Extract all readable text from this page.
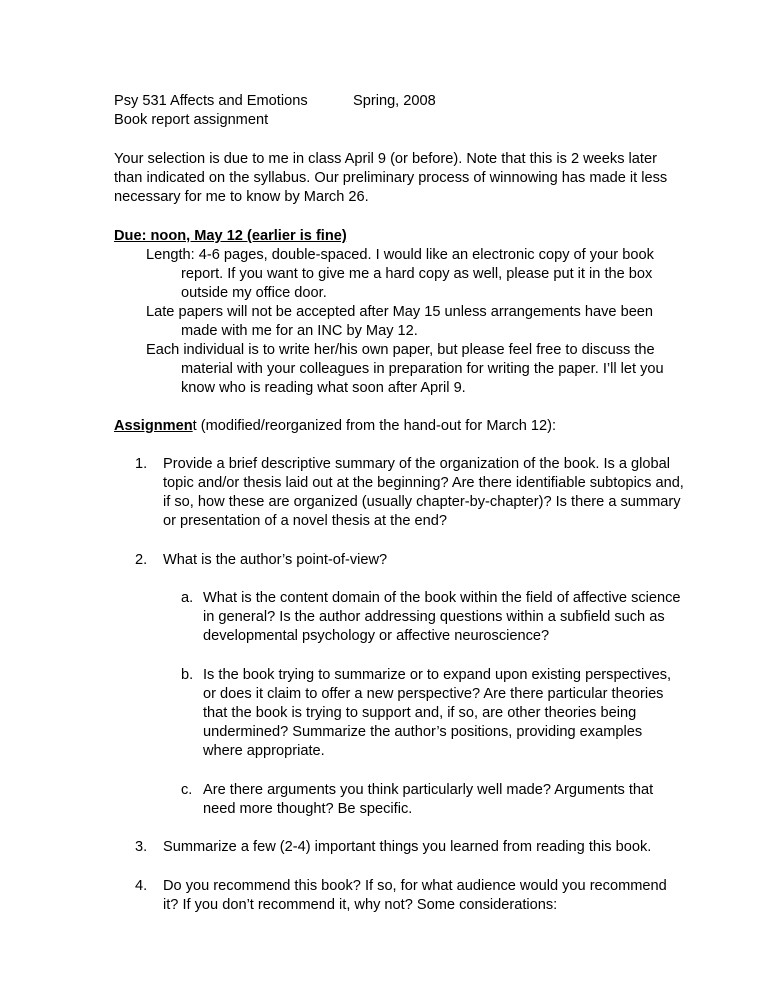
Psy 531 Affects and Emotions	Spring, 2008
Book report assignment
Your selection is due to me in class April 9 (or before). Note that this is 2 weeks later
than indicated on the syllabus. Our preliminary process of winnowing has made it less
necessary for me to know by March 26.
Due: noon, May 12 (earlier is fine)
Length: 4-6 pages, double-spaced. I would like an electronic copy of your book
report. If you want to give me a hard copy as well, please put it in the box
outside my office door.
Late papers will not be accepted after May 15 unless arrangements have been
made with me for an INC by May 12.
Each individual is to write her/his own paper, but please feel free to discuss the
material with your colleagues in preparation for writing the paper. I’ll let you
know who is reading what soon after April 9.
Assignment (modified/reorganized from the hand-out for March 12):
1. Provide a brief descriptive summary of the organization of the book. Is a global
topic and/or thesis laid out at the beginning? Are there identifiable subtopics and,
if so, how these are organized (usually chapter-by-chapter)? Is there a summary
or presentation of a novel thesis at the end?
2. What is the author’s point-of-view?
a. What is the content domain of the book within the field of affective science
in general? Is the author addressing questions within a subfield such as
developmental psychology or affective neuroscience?
b. Is the book trying to summarize or to expand upon existing perspectives,
or does it claim to offer a new perspective? Are there particular theories
that the book is trying to support and, if so, are other theories being
undermined? Summarize the author’s positions, providing examples
where appropriate.
c. Are there arguments you think particularly well made? Arguments that
need more thought? Be specific.
3. Summarize a few (2-4) important things you learned from reading this book.
4. Do you recommend this book? If so, for what audience would you recommend
it? If you don’t recommend it, why not? Some considerations:
